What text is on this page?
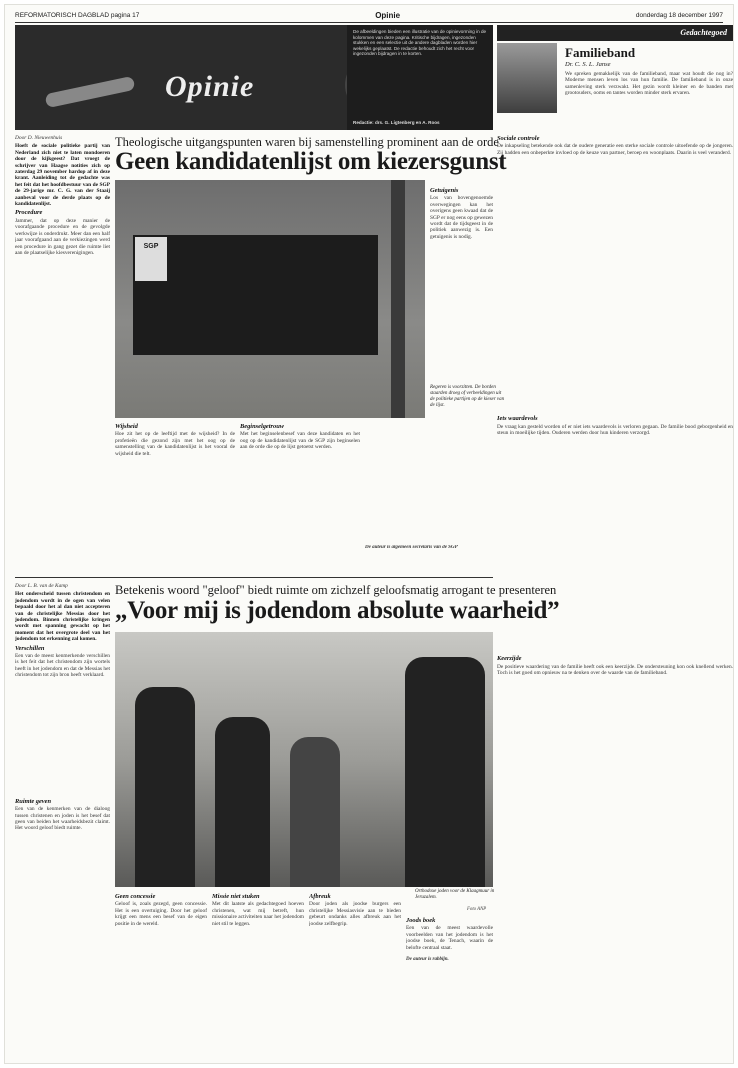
REFORMATORISCH DAGBLAD pagina 17	Opinie	donderdag 18 december 1997
Opinie
De afbeeldingen bieden een illustratie van de opinievorming in de kolommen van deze pagina. Kritische bijdragen, ingezonden stukken en een selectie uit de andere dagbladen worden hier wekelijks geplaatst. De redactie behoudt zich het recht voor ingezonden bijdragen in te korten.
Redactie: drs. G. Ligtenberg en A. Roos
Gedachtegoed
Familieband
Dr. C. S. L. Janse

We spreken gemakkelijk van de familieband, maar wat houdt die nog in? Moderne mensen leven los van hun familie. De familieband is in onze samenleving sterk verzwakt. Het gezin wordt kleiner en de banden met grootouders, ooms en tantes worden minder sterk ervaren.

Sociale controle

De inkapseling betekende ook dat de oudere generatie een sterke sociale controle uitoefende op de jongeren. Zij hadden een onbeperkte invloed op de keuze van partner, beroep en woonplaats. Daarin is veel veranderd.

Iets waardevols

De vraag kan gesteld worden of er niet iets waardevols is verloren gegaan. De familie bood geborgenheid en steun in moeilijke tijden. Ouderen werden door hun kinderen verzorgd.

Keerzijde

De positieve waardering van de familie heeft ook een keerzijde. De ondersteuning kon ook knellend werken. Toch is het goed om opnieuw na te denken over de waarde van de familieband.

Door D. Nieuwenhuis

Hoeft de sociale politieke partij van Nederland zich niet te laten mondoeren door de kijkgeest? Dat vroegt de schrijver van Haagse notities zich op zaterdag 29 november hardop af in deze krant. Aanleiding tot de gedachte was het feit dat het hoofdbestuur van de SGP de 29-jarige mr. C. G. van der Staaij aanbeval voor de derde plaats op de kandidatenlijst.

Procedure

Jammer, dat op deze manier de voorafgaande procedure en de gevolgde werkwijze is onderdrukt. Meer dan een half jaar voorafgaand aan de verkiezingen werd een procedure in gang gezet die ruimte liet aan de plaatselijke kiesverenigingen.

Theologische uitgangspunten waren bij samenstelling prominent aan de orde
Geen kandidatenlijst om kiezersgunst
SGP
Regeren is voorzitten. De borden staarden droeg of verbeeldingen uit de politieke partijen op de kieser van de lijst.
Getuigenis

Los van bovengenoemde overwegingen kan het overigens geen kwaad dat de SGP er nog eens op gewezen wordt dat de tijdsgeest in de politiek aanwezig is. Een getuigenis is nodig.

Wijsheid

Hoe zit het op de leeftijd met de wijsheid? In de profetieën die gezond zijn met het oog op de samenstelling van de kandidatenlijst is het vooral de wijsheid die telt.

Beginselgetrouw

Met het beginselenbesef van deze kandidaten en het oog op de kandidatenlijst van de SGP zijn beginselen aan de orde die op de lijst getoetst werden.

De auteur is algemeen secretaris van de SGP

Door L. B. van de Kamp

Het onderscheid tussen christendom en jodendom wordt in de ogen van velen bepaald door het al dan niet accepteren van de christelijke Messias door het jodendom. Binnen christelijke kringen wordt met spanning gewacht op het moment dat het overgrote deel van het jodendom tot erkenning zal komen.

Verschillen

Een van de meest kenmerkende verschillen is het feit dat het christendom zijn wortels heeft in het jodendom en dat de Messias het christendom tot zijn bron heeft verklaard.

Ruimte geven

Een van de kenmerken van de dialoog tussen christenen en joden is het besef dat geen van beiden het waarheidsbezit claimt. Het woord geloof biedt ruimte.

Betekenis woord "geloof" biedt ruimte om zichzelf geloofsmatig arrogant te presenteren
„Voor mij is jodendom absolute waarheid”
Orthodoxe joden voor de Klaagmuur in Jeruzalem.
Foto ANP
Geen concessie

Geloof is, zoals gezegd, geen concessie. Het is een overtuiging. Door het geloof krijgt een mens een besef van de eigen positie in de wereld.

Missie niet stuken

Met dit laatste als gedachtegoed hoeven christenen, wat mij betreft, hun missionaire activiteiten naar het jodendom niet stil te leggen.

Afbreuk

Door joden als joodse burgers een christelijke Messiasvisie aan te bieden gebeurt ondanks alles afbreuk aan het joodse zelfbegrip.	Joods boek

Een van de meest waardevolle voorbeelden van het jodendom is het joodse boek, de Tenach, waarin de belofte centraal staat.

De auteur is rabbijn.
